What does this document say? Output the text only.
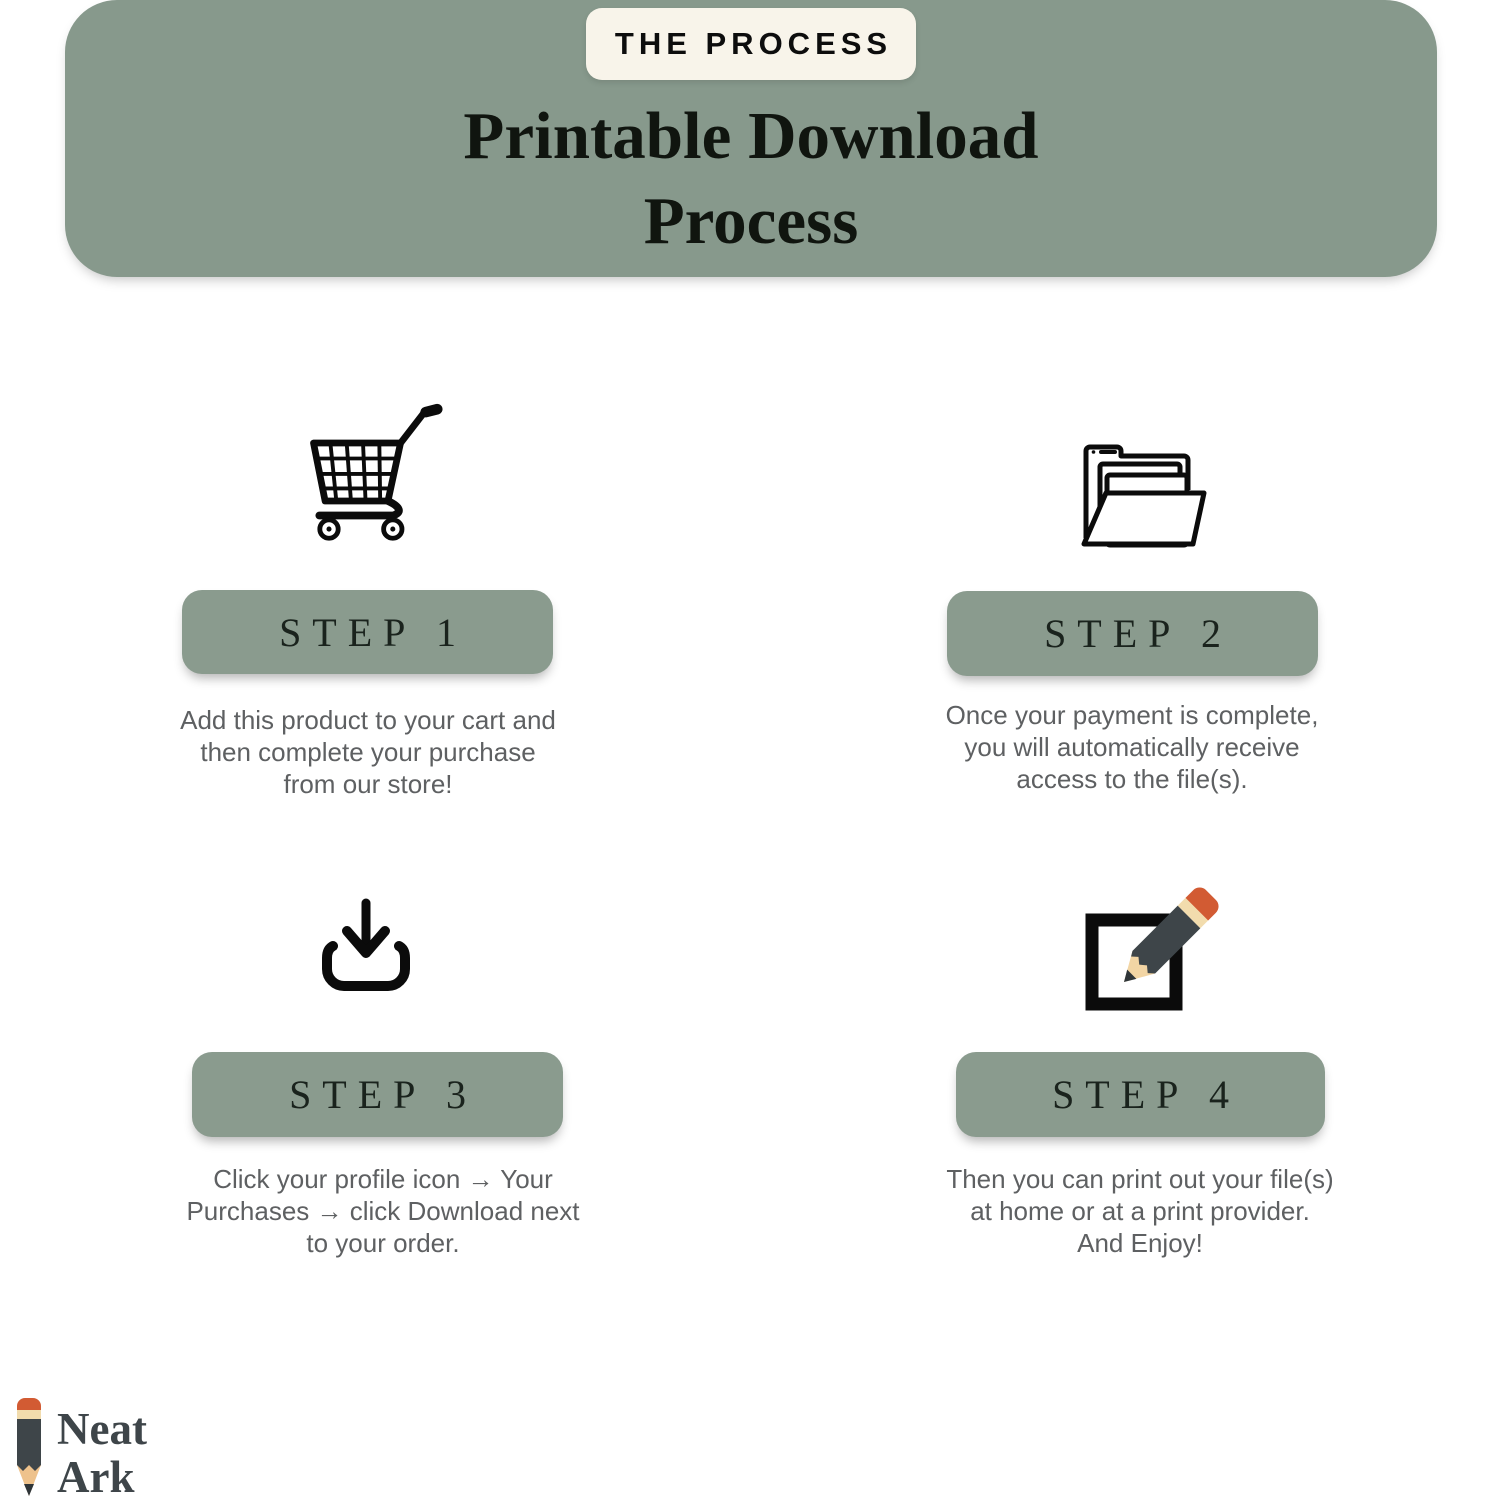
THE PROCESS
Printable Download
Process
STEP 1
Add this product to your cart and
then complete your purchase
from our store!
STEP 2
Once your payment is complete,
you will automatically receive
access to the file(s).
STEP 3
Click your profile icon → Your
Purchases → click Download next
to your order.
STEP 4
Then you can print out your file(s)
at home or at a print provider.
And Enjoy!
Neat
Ark
